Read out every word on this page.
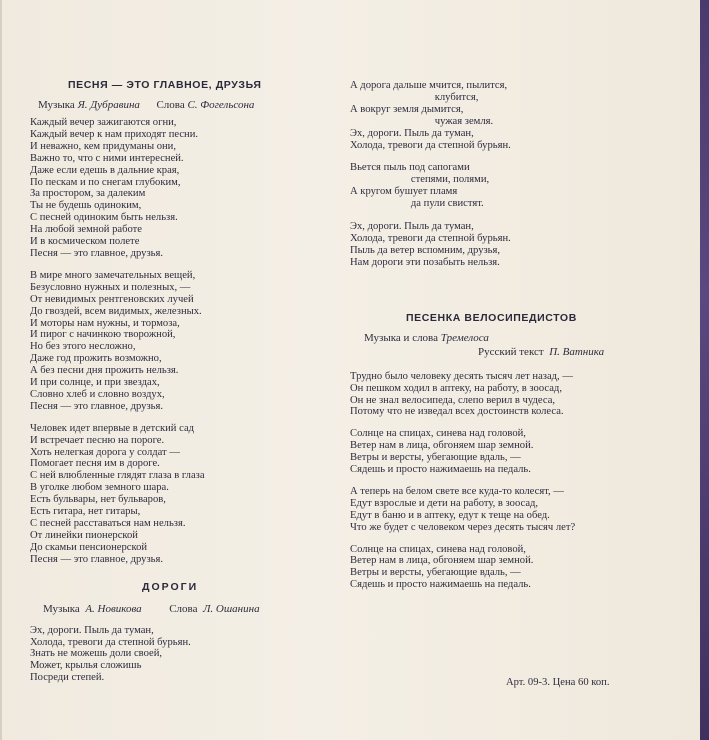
ПЕСНЯ — ЭТО ГЛАВНОЕ, ДРУЗЬЯ

Музыка Я. Дубравина Слова С. Фогельсона

Каждый вечер зажигаются огни,

Каждый вечер к нам приходят песни.

И неважно, кем придуманы они,

Важно то, что с ними интересней.

Даже если едешь в дальние края,

По пескам и по снегам глубоким,

За простором, за далеким

Ты не будешь одиноким,

С песней одиноким быть нельзя.

На любой земной работе

И в космическом полете

Песня — это главное, друзья.

В мире много замечательных вещей,

Безусловно нужных и полезных, —

От невидимых рентгеновских лучей

До гвоздей, всем видимых, железных.

И моторы нам нужны, и тормоза,

И пирог с начинкою творожной,

Но без этого несложно,

Даже год прожить возможно,

А без песни дня прожить нельзя.

И при солнце, и при звездах,

Словно хлеб и словно воздух,

Песня — это главное, друзья.

Человек идет впервые в детский сад

И встречает песню на пороге.

Хоть нелегкая дорога у солдат —

Помогает песня им в дороге.

С ней влюбленные глядят глаза в глаза

В уголке любом земного шара.

Есть бульвары, нет бульваров,

Есть гитара, нет гитары,

С песней расставаться нам нельзя.

От линейки пионерской

До скамьи пенсионерской

Песня — это главное, друзья.

ДОРОГИ

Музыка А. Новикова	Слова Л. Ошанина

Эх, дороги. Пыль да туман,

Холода, тревоги да степной бурьян.

Знать не можешь доли своей,

Может, крылья сложишь

Посреди степей.

А дорога дальше мчится, пылится,

клубится,

А вокруг земля дымится,

чужая земля.

Эх, дороги. Пыль да туман,

Холода, тревоги да степной бурьян.

Вьется пыль под сапогами

степями, полями,

А кругом бушует пламя

да пули свистят.

Эх, дороги. Пыль да туман,

Холода, тревоги да степной бурьян.

Пыль да ветер вспомним, друзья,

Нам дороги эти позабыть нельзя.

ПЕСЕНКА ВЕЛОСИПЕДИСТОВ

Музыка и слова Тремелоса

Русский текст П. Ватника

Трудно было человеку десять тысяч лет назад, —

Он пешком ходил в аптеку, на работу, в зоосад,

Он не знал велосипеда, слепо верил в чудеса,

Потому что не изведал всех достоинств колеса.

Солнце на спицах, синева над головой,

Ветер нам в лица, обгоняем шар земной.

Ветры и версты, убегающие вдаль, —

Сядешь и просто нажимаешь на педаль.

А теперь на белом свете все куда-то колесят, —

Едут взрослые и дети на работу, в зоосад,

Едут в баню и в аптеку, едут к теще на обед.

Что же будет с человеком через десять тысяч лет?

Солнце на спицах, синева над головой,

Ветер нам в лица, обгоняем шар земной.

Ветры и версты, убегающие вдаль, —

Сядешь и просто нажимаешь на педаль.

Арт. 09-3. Цена 60 коп.
